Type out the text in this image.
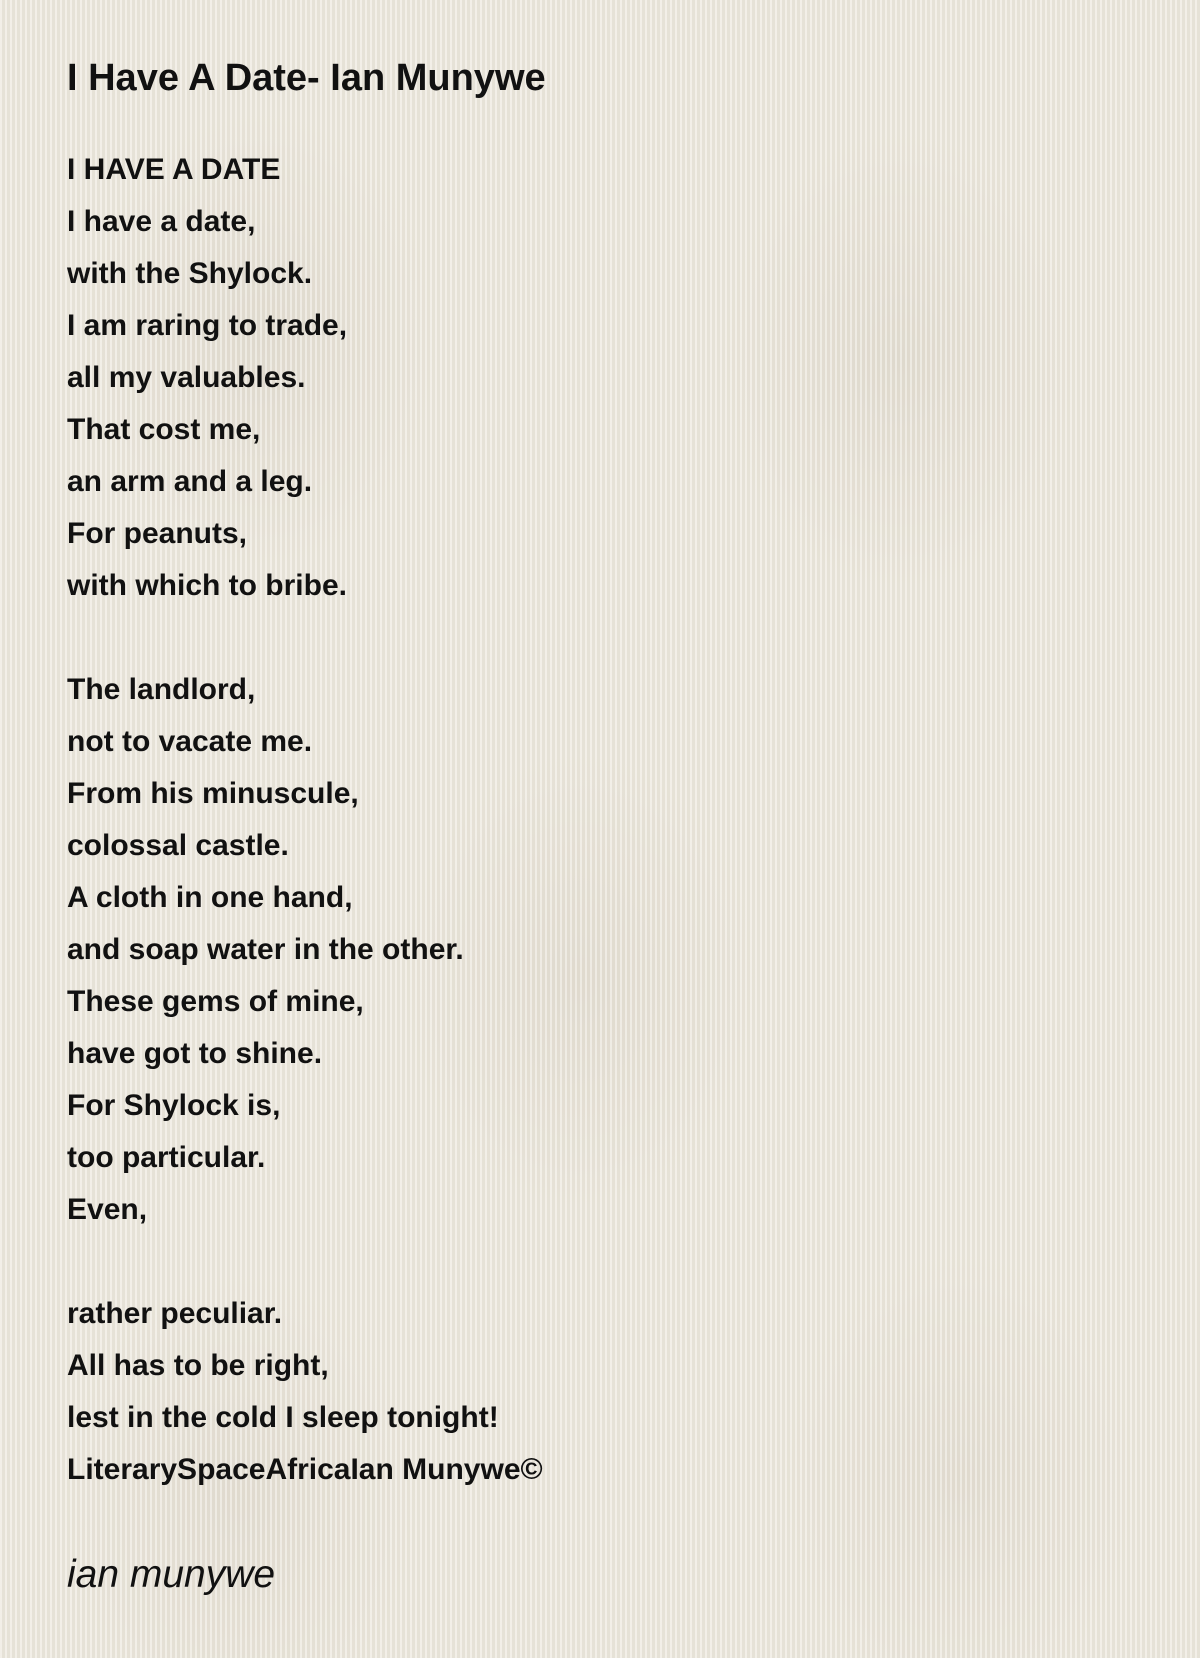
I Have A Date- Ian Munywe
I HAVE A DATE
I have a date,
with the Shylock.
I am raring to trade,
all my valuables.
That cost me,
an arm and a leg.
For peanuts,
with which to bribe.
The landlord,
not to vacate me.
From his minuscule,
colossal castle.
A cloth in one hand,
and soap water in the other.
These gems of mine,
have got to shine.
For Shylock is,
too particular.
Even,
rather peculiar.
All has to be right,
lest in the cold I sleep tonight!
LiterarySpaceAfricaIan Munywe©
ian munywe
